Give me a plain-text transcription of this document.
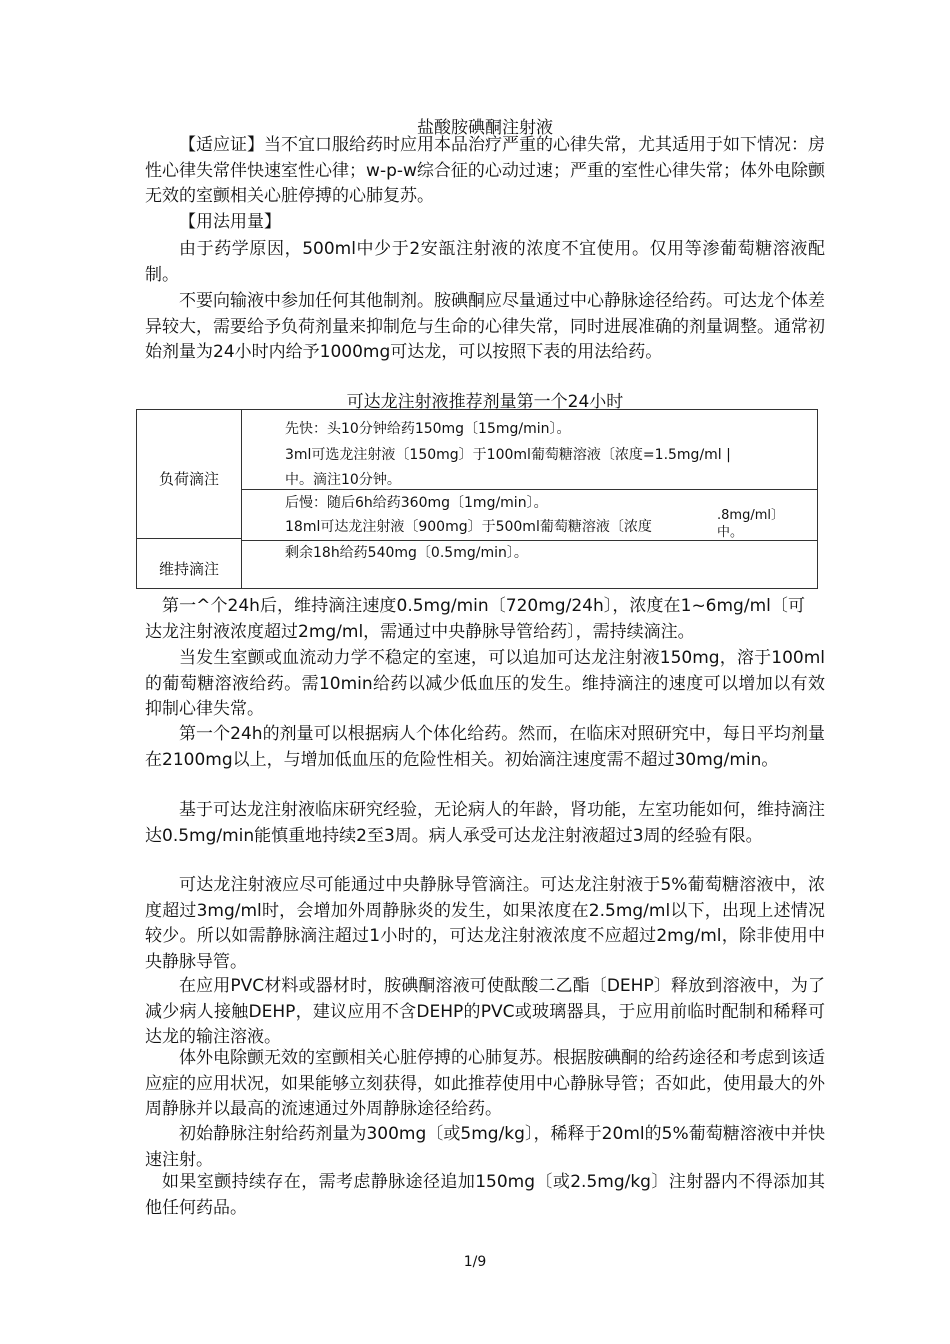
盐酸胺碘酮注射液

【适应证】当不宜口服给药时应用本品治疗严重的心律失常，尤其适用于如下情况：房性心律失常伴快速室性心律；w-p-w综合征的心动过速；严重的室性心律失常；体外电除颤无效的室颤相关心脏停搏的心肺复苏。

【用法用量】

由于药学原因，500ml中少于2安瓿注射液的浓度不宜使用。仅用等渗葡萄糖溶液配制。

不要向输液中参加任何其他制剂。胺碘酮应尽量通过中心静脉途径给药。可达龙个体差异较大，需要给予负荷剂量来抑制危与生命的心律失常，同时进展准确的剂量调整。通常初始剂量为24小时内给予1000mg可达龙，可以按照下表的用法给药。

可达龙注射液推荐剂量第一个24小时
负荷滴注
维持滴注
先快：头10分钟给药150mg〔15mg/min〕。
3ml可选龙注射液〔150mg〕于100ml葡萄糖溶液〔浓度=1.5mg/ml |
中。滴注10分钟。
后慢：随后6h给药360mg〔1mg/min〕。
18ml可达龙注射液〔900mg〕于500ml葡萄糖溶液〔浓度
.8mg/ml〕
中。
剩余18h给药540mg〔0.5mg/min〕。

第一^个24h后，维持滴注速度0.5mg/min〔720mg/24h〕，浓度在1~6mg/ml〔可达龙注射液浓度超过2mg/ml，需通过中央静脉导管给药〕，需持续滴注。

当发生室颤或血流动力学不稳定的室速，可以追加可达龙注射液150mg，溶于100ml的葡萄糖溶液给药。需10min给药以减少低血压的发生。维持滴注的速度可以增加以有效抑制心律失常。

第一个24h的剂量可以根据病人个体化给药。然而，在临床对照研究中，每日平均剂量在2100mg以上，与增加低血压的危险性相关。初始滴注速度需不超过30mg/min。

基于可达龙注射液临床研究经验，无论病人的年龄，肾功能，左室功能如何，维持滴注达0.5mg/min能慎重地持续2至3周。病人承受可达龙注射液超过3周的经验有限。

可达龙注射液应尽可能通过中央静脉导管滴注。可达龙注射液于5%葡萄糖溶液中，浓度超过3mg/ml时，会增加外周静脉炎的发生，如果浓度在2.5mg/ml以下，出现上述情况较少。所以如需静脉滴注超过1小时的，可达龙注射液浓度不应超过2mg/ml，除非使用中央静脉导管。

在应用PVC材料或器材时，胺碘酮溶液可使酞酸二乙酯〔DEHP〕释放到溶液中，为了减少病人接触DEHP，建议应用不含DEHP的PVC或玻璃器具，于应用前临时配制和稀释可达龙的输注溶液。

体外电除颤无效的室颤相关心脏停搏的心肺复苏。根据胺碘酮的给药途径和考虑到该适应症的应用状况，如果能够立刻获得，如此推荐使用中心静脉导管；否如此，使用最大的外周静脉并以最高的流速通过外周静脉途径给药。

初始静脉注射给药剂量为300mg〔或5mg/kg〕，稀释于20ml的5%葡萄糖溶液中并快速注射。

如果室颤持续存在，需考虑静脉途径追加150mg〔或2.5mg/kg〕注射器内不得添加其他任何药品。

1/9
